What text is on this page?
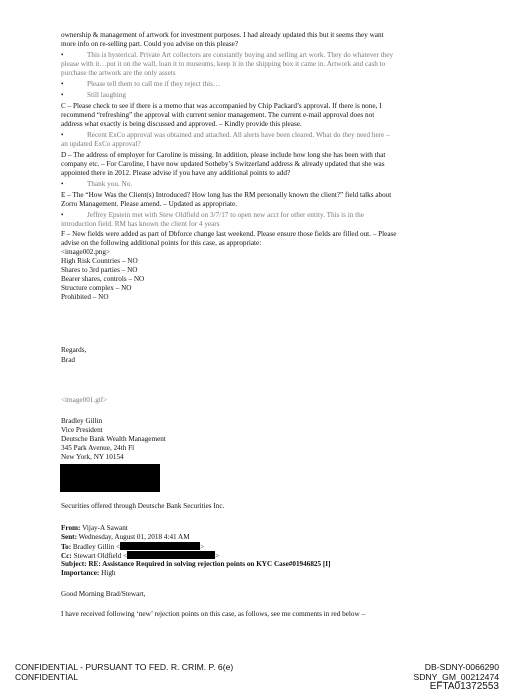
ownership & management of artwork for investment purposes. I had already updated this but it seems they want
more info on re-selling part. Could you advise on this please?
•	This is hysterical. Private Art collectors are constantly buying and selling art work. They do whatever they
please with it…put it on the wall, loan it to museums, keep it in the shipping box it came in. Artwork and cash to
purchase the artwork are the only assets
•	Please tell them to call me if they reject this…
•	Still laughing
C – Please check to see if there is a memo that was accompanied by Chip Packard’s approval. If there is none, I
recommend “refreshing” the approval with current senior management. The current e-mail approval does not
address what exactly is being discussed and approved. – Kindly provide this please.
•	Recent ExCo approval was obtained and attached. All alerts have been cleared. What do they need here –
an updated ExCo approval?
D – The address of employer for Caroline is missing. In addition, please include how long she has been with that
company etc. – For Caroline, I have now updated Sotheby’s Switzerland address & already updated that she was
appointed there in 2012. Please advise if you have any additional points to add?
•	Thank you. No.
E – The “How Was the Client(s) Introduced? How long has the RM personally known the client?” field talks about
Zorro Management. Please amend. – Updated as appropriate.
•	Jeffrey Epstein met with Stew Oldfield on 3/7/17 to open new acct for other entity. This is in the
introduction field. RM has known the client for 4 years
F – New fields were added as part of Dbforce change last weekend. Please ensure those fields are filled out. – Please
advise on the following additional points for this case, as appropriate:
<image002.png>
High Risk Countries – NO
Shares to 3rd parties – NO
Bearer shares, controls – NO
Structure complex – NO
Prohibited – NO
Regards,
Brad
<image001.gif>
Bradley Gillin
Vice President
Deutsche Bank Wealth Management
345 Park Avenue, 24th Fl
New York, NY 10154
Securities offered through Deutsche Bank Securities Inc.
From: Vijay-A Sawant
Sent: Wednesday, August 01, 2018 4:41 AM
To: Bradley Gillin <	>
Cc: Stewart Oldfield <	>
Subject: RE: Assistance Required in solving rejection points on KYC Case#01946825 [I]
Importance: High
Good Morning Brad/Stewart,
I have received following ‘new’ rejection points on this case, as follows, see me comments in red below –
CONFIDENTIAL - PURSUANT TO FED. R. CRIM. P. 6(e)
CONFIDENTIAL
DB-SDNY-0066290
SDNY_GM_00212474
EFTA01372553
